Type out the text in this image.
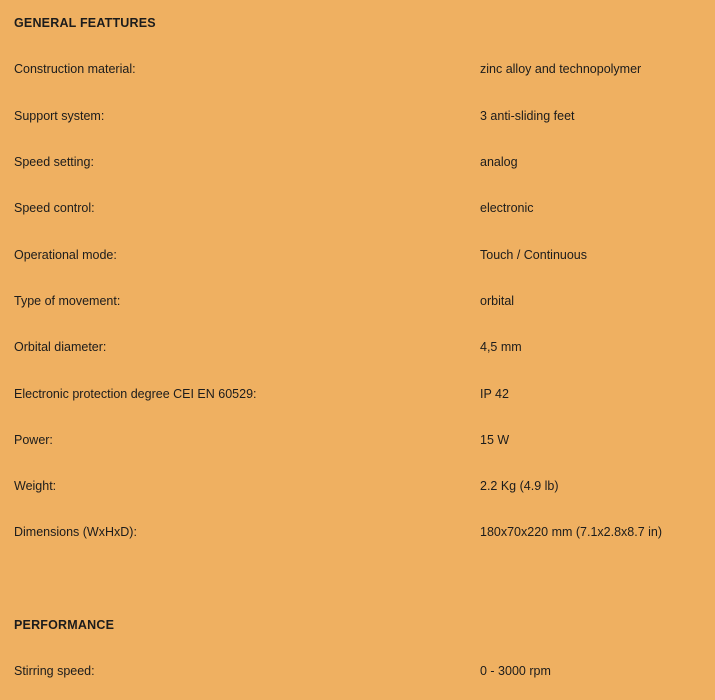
GENERAL FEATTURES	
Construction material:	zinc alloy and technopolymer
Support system:	3 anti-sliding feet
Speed setting:	analog
Speed control:	electronic
Operational mode:	Touch / Continuous
Type of movement:	orbital
Orbital diameter:	4,5 mm
Electronic protection degree CEI EN 60529:	IP 42
Power:	15 W
Weight:	2.2 Kg (4.9 lb)
Dimensions (WxHxD):	180x70x220 mm (7.1x2.8x8.7 in)

PERFORMANCE	
Stirring speed:	0 - 3000 rpm
